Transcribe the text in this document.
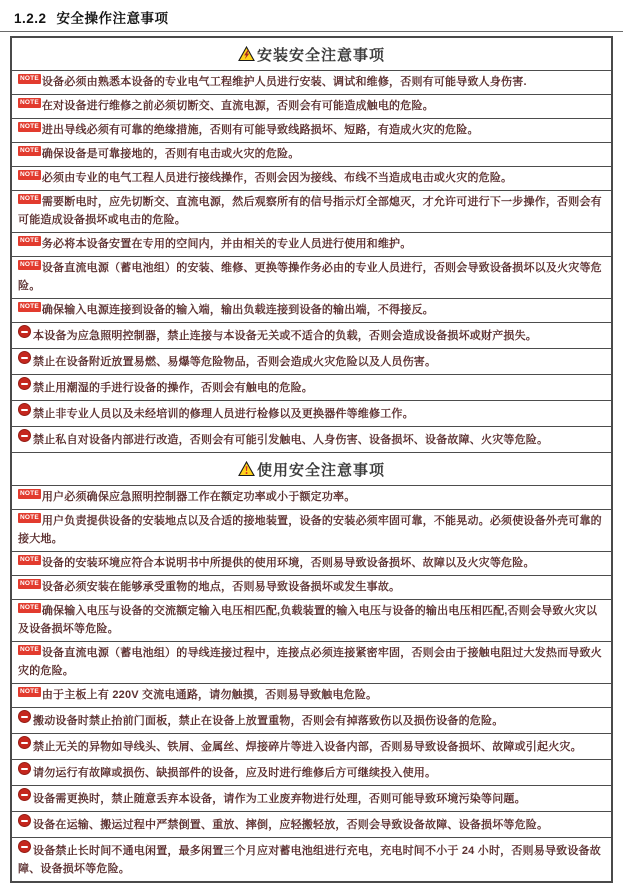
1.2.2 安全操作注意事项
安装安全注意事项
NOTE 设备必须由熟悉本设备的专业电气工程维护人员进行安装、调试和维修，否则有可能导致人身伤害.
NOTE 在对设备进行维修之前必须切断交、直流电源，否则会有可能造成触电的危险。
NOTE 进出导线必须有可靠的绝缘措施，否则有可能导致线路损坏、短路，有造成火灾的危险。
NOTE 确保设备是可靠接地的，否则有电击或火灾的危险。
NOTE 必须由专业的电气工程人员进行接线操作，否则会因为接线、布线不当造成电击或火灾的危险。
NOTE 需要断电时，应先切断交、直流电源，然后观察所有的信号指示灯全部熄灭，才允许可进行下一步操作，否则会有可能造成设备损坏或电击的危险。
NOTE 务必将本设备安置在专用的空间内，并由相关的专业人员进行使用和维护。
NOTE 设备直流电源（蓄电池组）的安装、维修、更换等操作务必由的专业人员进行，否则会导致设备损坏以及火灾等危险。
NOTE 确保输入电源连接到设备的输入端，输出负载连接到设备的输出端，不得接反。
本设备为应急照明控制器，禁止连接与本设备无关或不适合的负载，否则会造成设备损坏或财产损失。
禁止在设备附近放置易燃、易爆等危险物品，否则会造成火灾危险以及人员伤害。
禁止用潮湿的手进行设备的操作，否则会有触电的危险。
禁止非专业人员以及未经培训的修理人员进行检修以及更换器件等维修工作。
禁止私自对设备内部进行改造，否则会有可能引发触电、人身伤害、设备损坏、设备故障、火灾等危险。
使用安全注意事项
NOTE 用户必须确保应急照明控制器工作在额定功率或小于额定功率。
NOTE 用户负责提供设备的安装地点以及合适的接地装置，设备的安装必须牢固可靠，不能晃动。必须使设备外壳可靠的接大地。
NOTE 设备的安装环境应符合本说明书中所提供的使用环境，否则易导致设备损坏、故障以及火灾等危险。
NOTE 设备必须安装在能够承受重物的地点，否则易导致设备损坏或发生事故。
NOTE 确保输入电压与设备的交流额定输入电压相匹配,负载装置的输入电压与设备的输出电压相匹配,否则会导致火灾以及设备损坏等危险。
NOTE 设备直流电源（蓄电池组）的导线连接过程中，连接点必须连接紧密牢固，否则会由于接触电阻过大发热而导致火灾的危险。
NOTE 由于主板上有 220V 交流电通路，请勿触摸，否则易导致触电危险。
搬动设备时禁止抬前门面板，禁止在设备上放置重物，否则会有掉落致伤以及损伤设备的危险。
禁止无关的异物如导线头、铁屑、金属丝、焊接碎片等进入设备内部，否则易导致设备损坏、故障或引起火灾。
请勿运行有故障或损伤、缺损部件的设备，应及时进行维修后方可继续投入使用。
设备需更换时，禁止随意丢弃本设备，请作为工业废弃物进行处理，否则可能导致环境污染等问题。
设备在运输、搬运过程中严禁倒置、重放、摔倒，应轻搬轻放，否则会导致设备故障、设备损坏等危险。
设备禁止长时间不通电闲置，最多闲置三个月应对蓄电池组进行充电，充电时间不小于 24 小时，否则易导致设备故障、设备损坏等危险。
